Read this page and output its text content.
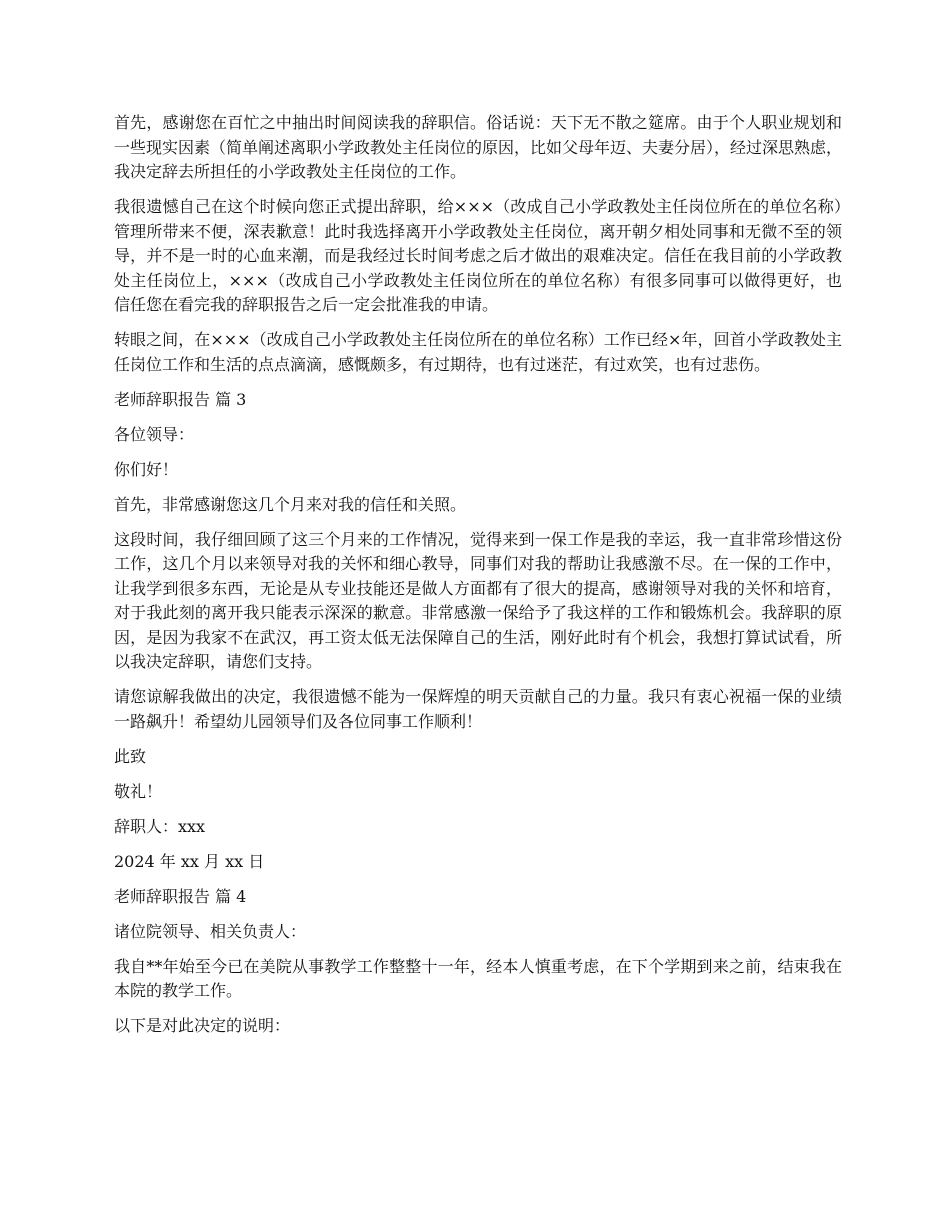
首先，感谢您在百忙之中抽出时间阅读我的辞职信。俗话说：天下无不散之筵席。由于个人职业规划和一些现实因素（简单阐述离职小学政教处主任岗位的原因，比如父母年迈、夫妻分居），经过深思熟虑，我决定辞去所担任的小学政教处主任岗位的工作。

我很遗憾自己在这个时候向您正式提出辞职，给×××（改成自己小学政教处主任岗位所在的单位名称）管理所带来不便，深表歉意！此时我选择离开小学政教处主任岗位，离开朝夕相处同事和无微不至的领导，并不是一时的心血来潮，而是我经过长时间考虑之后才做出的艰难决定。信任在我目前的小学政教处主任岗位上，×××（改成自己小学政教处主任岗位所在的单位名称）有很多同事可以做得更好，也信任您在看完我的辞职报告之后一定会批准我的申请。

转眼之间，在×××（改成自己小学政教处主任岗位所在的单位名称）工作已经×年，回首小学政教处主任岗位工作和生活的点点滴滴，感慨颇多，有过期待，也有过迷茫，有过欢笑，也有过悲伤。

老师辞职报告 篇 3

各位领导：

你们好！

首先，非常感谢您这几个月来对我的信任和关照。

这段时间，我仔细回顾了这三个月来的工作情况，觉得来到一保工作是我的幸运，我一直非常珍惜这份工作，这几个月以来领导对我的关怀和细心教导，同事们对我的帮助让我感激不尽。在一保的工作中，让我学到很多东西，无论是从专业技能还是做人方面都有了很大的提高，感谢领导对我的关怀和培育，对于我此刻的离开我只能表示深深的歉意。非常感激一保给予了我这样的工作和锻炼机会。我辞职的原因，是因为我家不在武汉，再工资太低无法保障自己的生活，刚好此时有个机会，我想打算试试看，所以我决定辞职，请您们支持。

请您谅解我做出的决定，我很遗憾不能为一保辉煌的明天贡献自己的力量。我只有衷心祝福一保的业绩一路飙升！希望幼儿园领导们及各位同事工作顺利！

此致

敬礼！

辞职人：xxx

2024 年 xx 月 xx 日

老师辞职报告 篇 4

诸位院领导、相关负责人：

我自**年始至今已在美院从事教学工作整整十一年，经本人慎重考虑，在下个学期到来之前，结束我在本院的教学工作。

以下是对此决定的说明：
